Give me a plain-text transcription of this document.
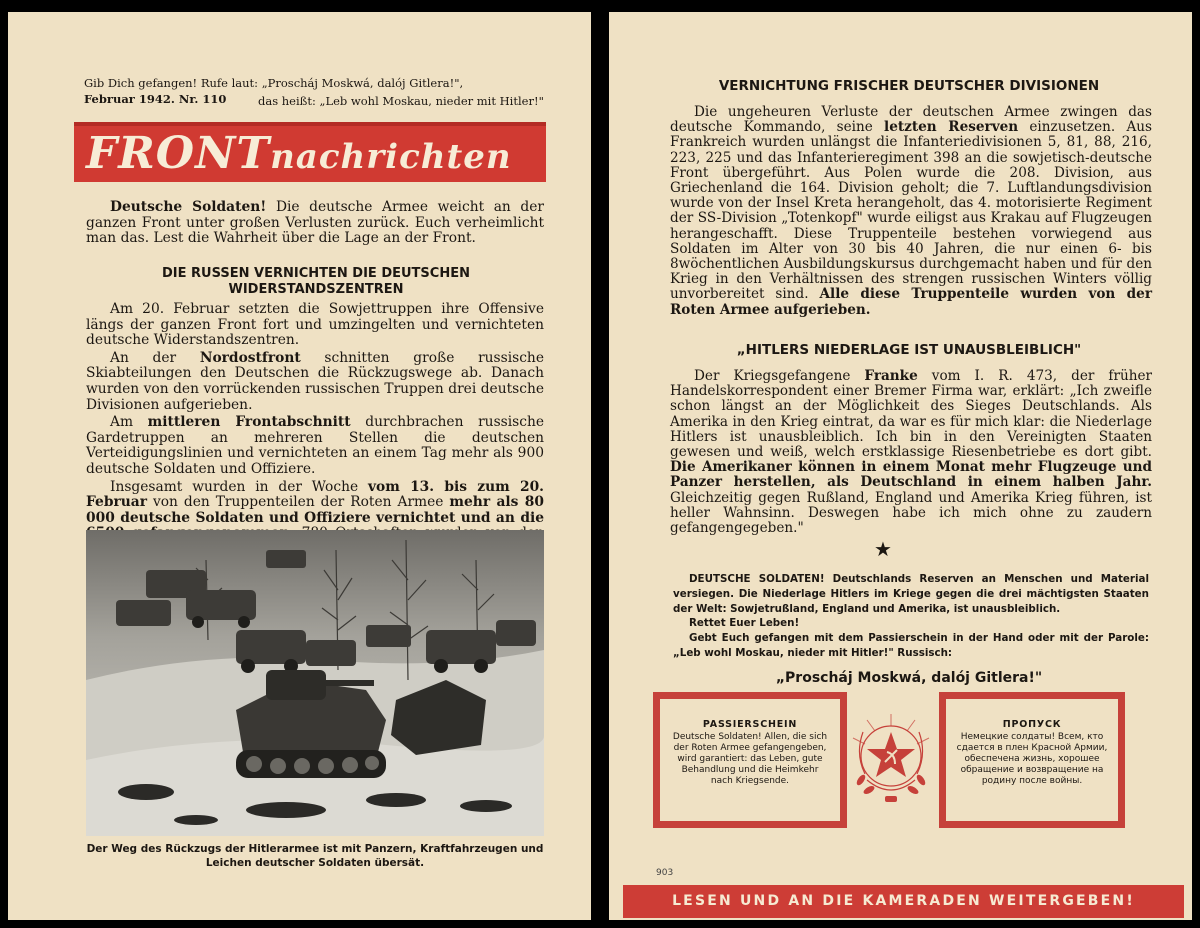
Gib Dich gefangen! Rufe laut: „Prosсháj Moskwá, dalój Gitlera!",
Februar 1942. Nr. 110	das heißt: „Leb wohl Moskau, nieder mit Hitler!"
FRONTnachrichten

Deutsche Soldaten! Die deutsche Armee weicht an der ganzen Front unter großen Verlusten zurück. Euch verheimlicht man das. Lest die Wahrheit über die Lage an der Front.

DIE RUSSEN VERNICHTEN DIE DEUTSCHEN WIDERSTANDSZENTREN

Am 20. Februar setzten die Sowjettruppen ihre Offensive längs der ganzen Front fort und umzingelten und vernichteten deutsche Widerstandszentren.

An der Nordostfront schnitten große russische Skiabteilungen den Deutschen die Rückzugswege ab. Danach wurden von den vorrückenden russischen Truppen drei deutsche Divisionen aufgerieben.

Am mittleren Frontabschnitt durchbrachen russische Gardetruppen an mehreren Stellen die deutschen Verteidigungslinien und vernichteten an einem Tag mehr als 900 deutsche Soldaten und Offiziere.

Insgesamt wurden in der Woche vom 13. bis zum 20. Februar von den Truppenteilen der Roten Armee mehr als 80 000 deutsche Soldaten und Offiziere vernichtet und an die

Der Weg des Rückzugs der Hitlerarmee ist mit Panzern, Kraftfahrzeugen und Leichen deutscher Soldaten übersät.
VERNICHTUNG FRISCHER DEUTSCHER DIVISIONEN

Die ungeheuren Verluste der deutschen Armee zwingen das deutsche Kommando, seine letzten Reserven einzusetzen. Aus Frankreich wurden unlängst die Infanteriedivisionen 5, 81, 88, 216, 223, 225 und das Infanterieregiment 398 an die sowjetisch-deutsche Front übergeführt. Aus Polen wurde die 208. Division, aus Griechenland die 164. Division geholt; die 7. Luftlandungsdivision wurde von der Insel Kreta herangeholt, das 4. motorisierte Regiment der SS-Division „Totenkopf" wurde eiligst aus Krakau auf Flugzeugen herangeschafft. Diese Truppenteile bestehen vorwiegend aus Soldaten im Alter von 30 bis 40 Jahren, die nur einen 6- bis 8wöchentlichen Ausbildungskursus durchgemacht haben und für den Krieg in den Verhältnissen des strengen russischen Winters völlig unvorbereitet sind. Alle diese Truppenteile wurden von der Roten Armee aufgerieben.

„HITLERS NIEDERLAGE IST UNAUSBLEIBLICH"

Der Kriegsgefangene Franke vom I. R. 473, der früher Handelskorrespondent einer Bremer Firma war, erklärt: „Ich zweifle schon längst an der Möglichkeit des Sieges Deutschlands. Als Amerika in den Krieg eintrat, da war es für mich klar: die Niederlage Hitlers ist unausbleiblich. Ich bin in den Vereinigten Staaten gewesen und weiß, welch erstklassige Riesenbetriebe es dort gibt. Die Amerikaner können in einem Monat mehr Flugzeuge und Panzer herstellen, als Deutschland in einem halben Jahr. Gleichzeitig gegen Rußland, England und Amerika Krieg führen, ist heller Wahnsinn. Deswegen habe ich mich ohne zu zaudern gefangengegeben."

★

DEUTSCHE SOLDATEN! Deutschlands Reserven an Menschen und Material versiegen. Die Niederlage Hitlers im Kriege gegen die drei mächtigsten Staaten der Welt: Sowjetrußland, England und Amerika, ist unausbleiblich.

Rettet Euer Leben!

Gebt Euch gefangen mit dem Passierschein in der Hand oder mit der Parole: „Leb wohl Moskau, nieder mit Hitler!" Russisch:

„Prosсháj Moskwá, dalój Gitlera!"
PASSIERSCHEIN
Deutsche Soldaten! Allen, die sich der Roten Armee gefangengeben, wird garantiert: das Leben, gute Behandlung und die Heimkehr nach Kriegsende.
ПРОПУСК
Немецкие солдаты! Всем, кто сдается в плен Красной Армии, обеспечена жизнь, хорошее обращение и возвращение на родину после войны.
903
LESEN UND AN DIE KAMERADEN WEITERGEBEN!
